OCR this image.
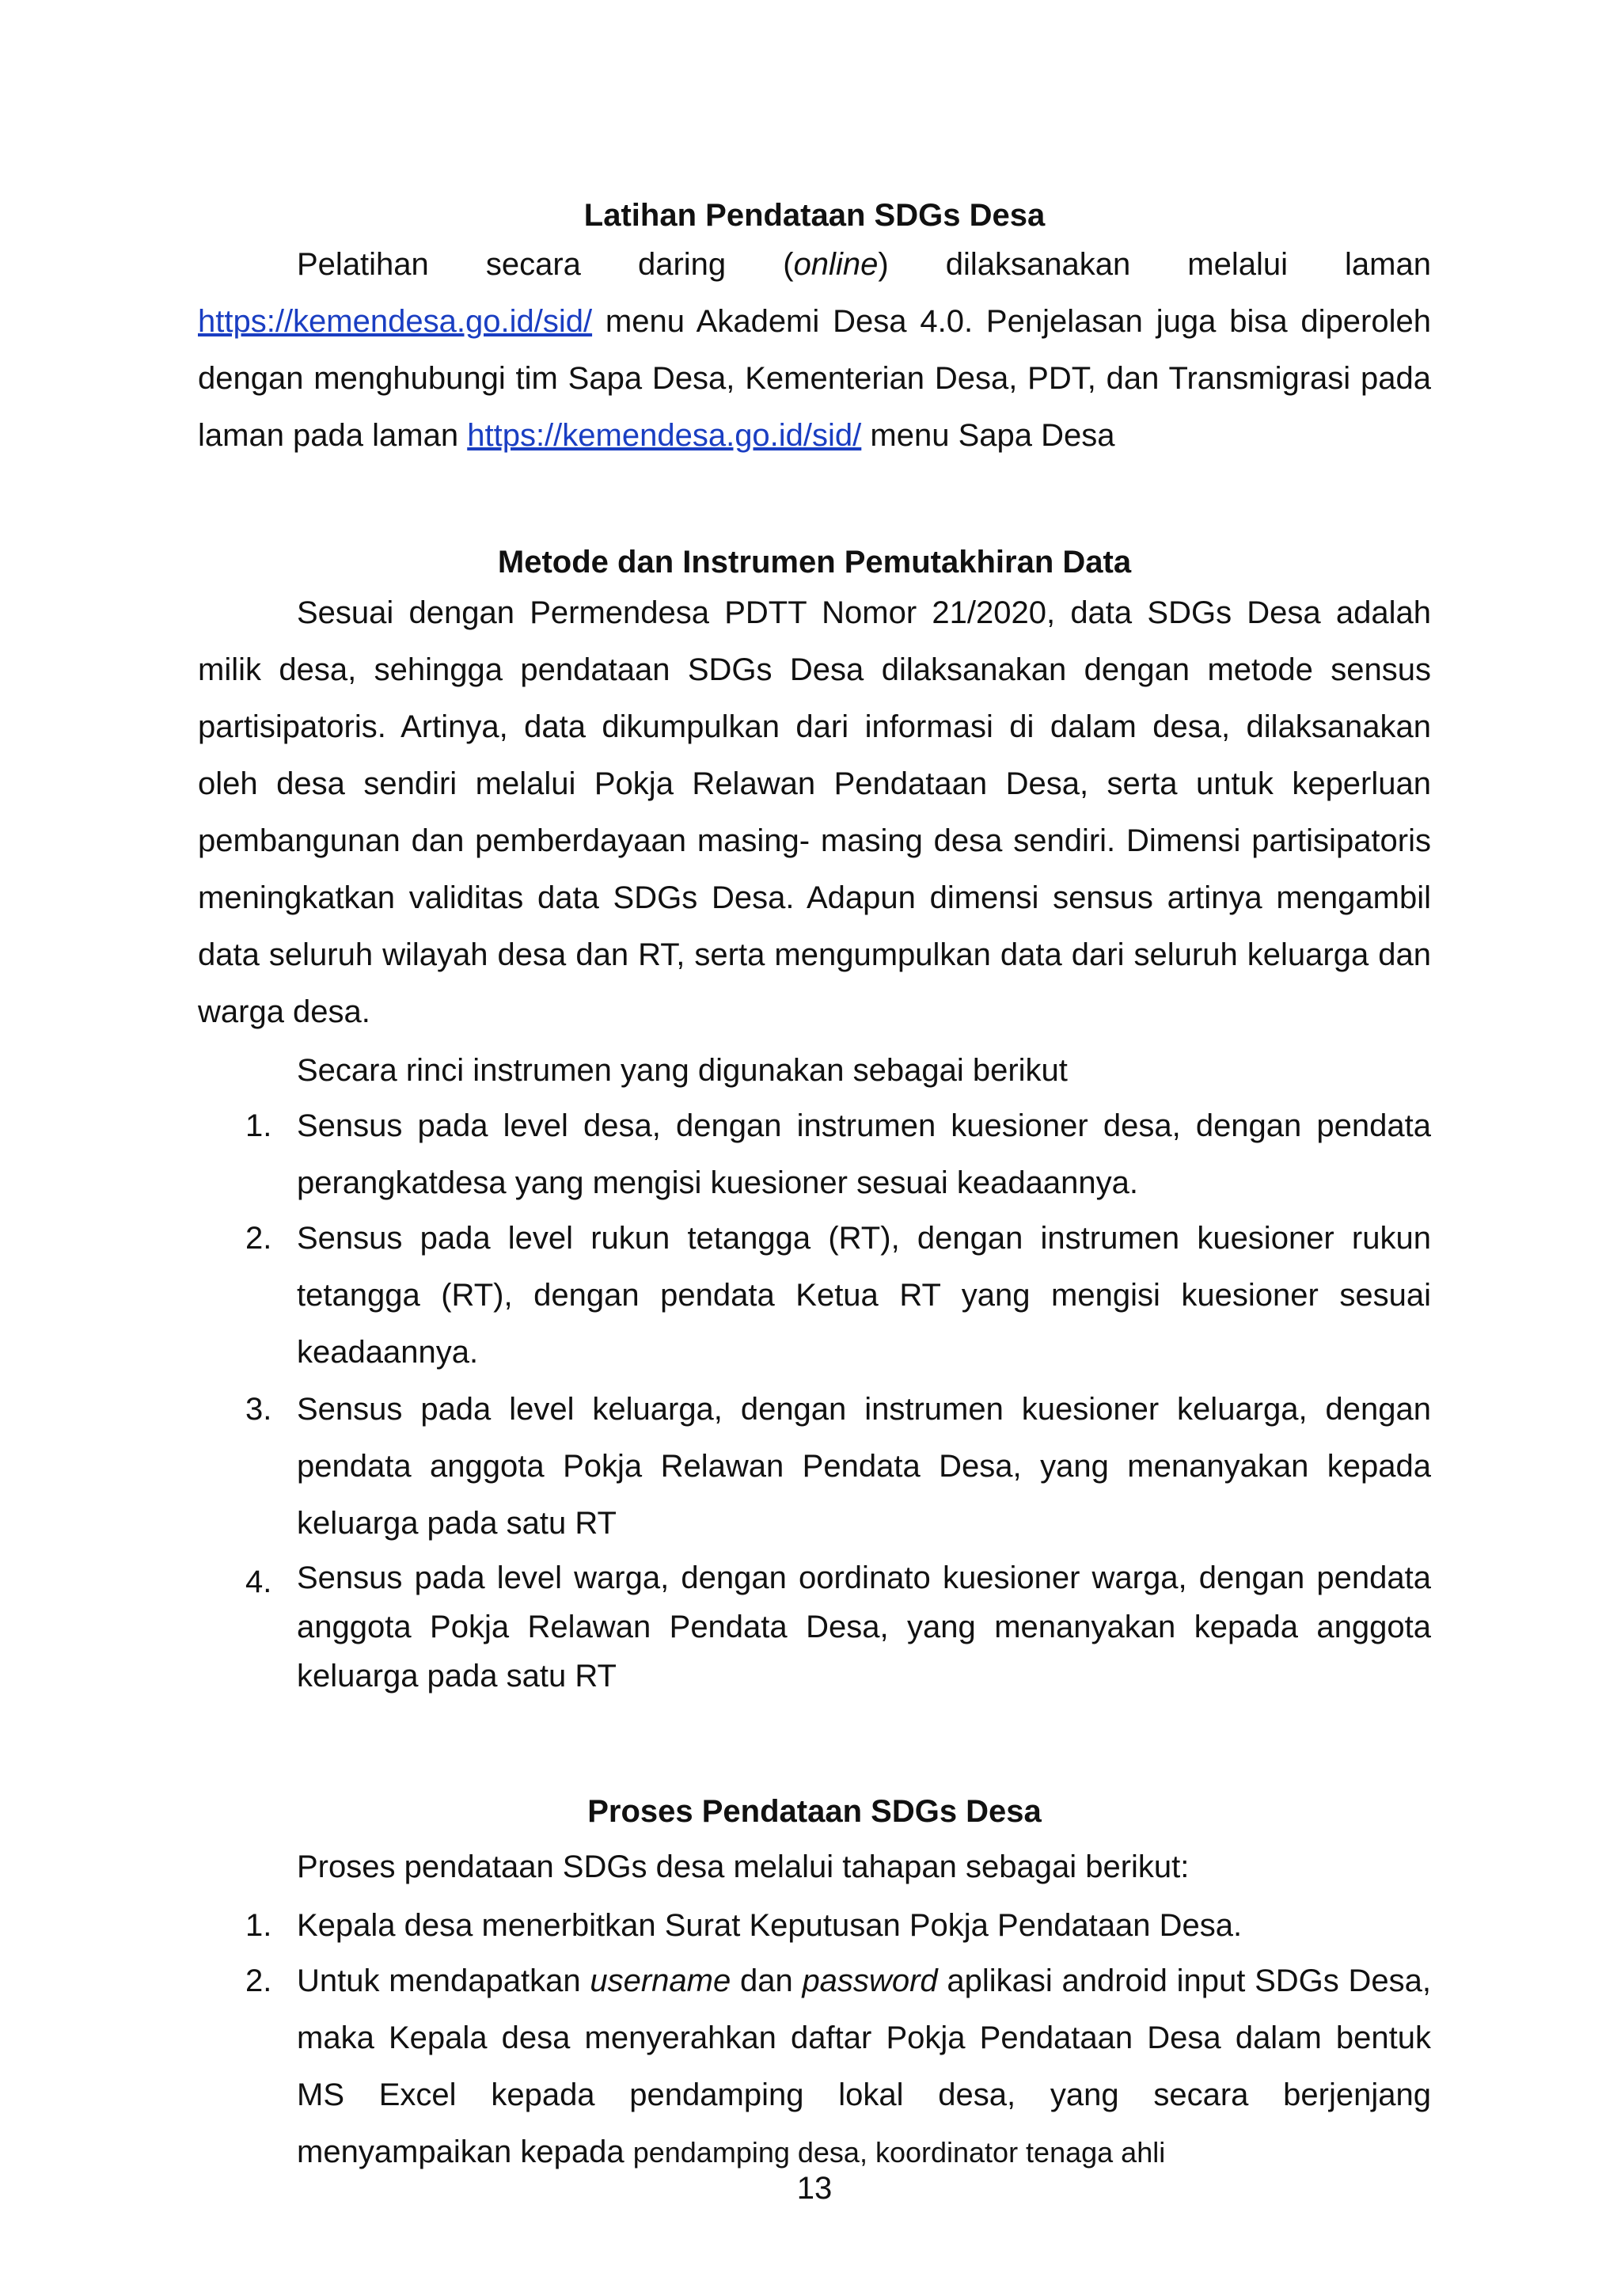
Latihan Pendataan SDGs Desa
Pelatihan secara daring (online) dilaksanakan melalui laman https://kemendesa.go.id/sid/ menu Akademi Desa 4.0. Penjelasan juga bisa diperoleh dengan menghubungi tim Sapa Desa, Kementerian Desa, PDT, dan Transmigrasi pada laman pada laman https://kemendesa.go.id/sid/ menu Sapa Desa
Metode dan Instrumen Pemutakhiran Data

Sesuai dengan Permendesa PDTT Nomor 21/2020, data SDGs Desa adalah milik desa, sehingga pendataan SDGs Desa dilaksanakan dengan metode sensus partisipatoris. Artinya, data dikumpulkan dari informasi di dalam desa, dilaksanakan oleh desa sendiri melalui Pokja Relawan Pendataan Desa, serta untuk keperluan pembangunan dan pemberdayaan masing- masing desa sendiri. Dimensi partisipatoris meningkatkan validitas data SDGs Desa. Adapun dimensi sensus artinya mengambil data seluruh wilayah desa dan RT, serta mengumpulkan data dari seluruh keluarga dan warga desa.

Secara rinci instrumen yang digunakan sebagai berikut

1. Sensus pada level desa, dengan instrumen kuesioner desa, dengan pendata perangkatdesa yang mengisi kuesioner sesuai keadaannya.
2. Sensus pada level rukun tetangga (RT), dengan instrumen kuesioner rukun tetangga (RT), dengan pendata Ketua RT yang mengisi kuesioner sesuai keadaannya.
3. Sensus pada level keluarga, dengan instrumen kuesioner keluarga, dengan pendata anggota Pokja Relawan Pendata Desa, yang menanyakan kepada keluarga pada satu RT
4. Sensus pada level warga, dengan oordinato kuesioner warga, dengan pendata anggota Pokja Relawan Pendata Desa, yang menanyakan kepada anggota keluarga pada satu RT
Proses Pendataan SDGs Desa

Proses pendataan SDGs desa melalui tahapan sebagai berikut:

1. Kepala desa menerbitkan Surat Keputusan Pokja Pendataan Desa.
2. Untuk mendapatkan username dan password aplikasi android input SDGs Desa, maka Kepala desa menyerahkan daftar Pokja Pendataan Desa dalam bentuk MS Excel kepada pendamping lokal desa, yang secara berjenjang menyampaikan kepada pendamping desa, koordinator tenaga ahli
13
